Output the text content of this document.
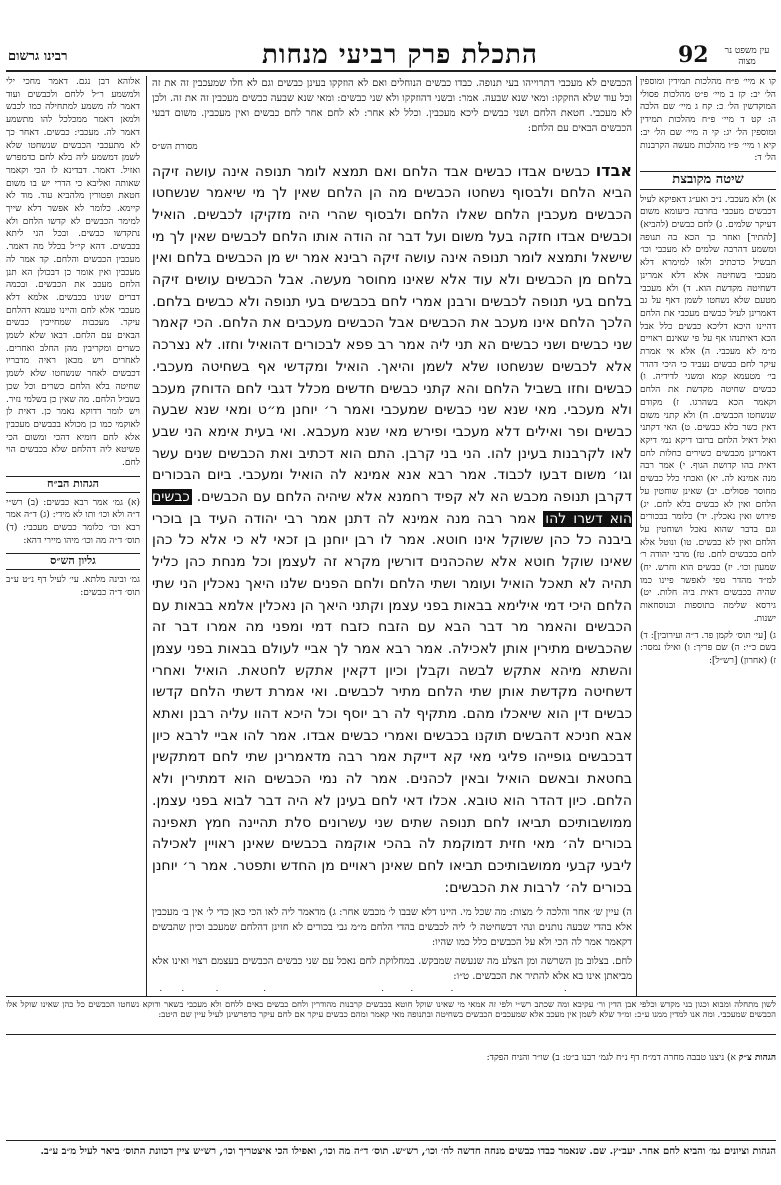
עין משפט נר מצוה
92
התכלת פרק רביעי מנחות
רבינו גרשום
קו א מיי׳ פ״ח מהלכות תמידין ומוספין הל׳ יב: קז ב מיי׳ פ״ט מהלכות פסולי המוקדשין הל׳ כ: קח ג מיי׳ שם הלכה ה: קט ד מיי׳ פ״ח מהלכות תמידין ומוספין הל׳ יג: קי ה מיי׳ שם הל׳ יב: קיא ו מיי׳ פ״ו מהלכות מעשה הקרבנות הל׳ ד:
שיטה מקובצת
א) ולא מעכבי. נ״ב ואע״ג דאפיקא לעיל דכבשים מעכבי בחרבה ביעומא משום דעיקר שלמים. ג) לחם כבשים (להביא) [להתיר] ואחר כך הכא בה תנופה ומשמע דהרבה שלמים לא מעכבי וכו׳ תבשיל כדכתיב ולאו למימרא דלא מעכבי בשחיטה אלא דלא אמרינן דשחיטה מקדשת הוא. ד) ולא מעכבי מטעם שלא נשחטו לשמן דאף על גב דאמרינן לעיל כבשים מעכבי את הלחם דהיינו היכא דליכא כבשים כלל אבל הכא דאיתנהו אף על פי שאינם ראויים מ״מ לא מעכבי. ה) אלא אי אמרת עיקר לחם כבשים נעביד כי היכי דהדר בי׳ מטעמא קמא ומשני לדידיה. ו) כבשים שחיטה מקדשת את הלחם וקאמר הכא בשהרגו. ז) מקודם שנשחטו הכבשים. ח) ולא קתני משום דאין כשר בלא כבשים. ט) האי דקתני ואיל דאיל הלחם ברובו דיקא נמי דיקא דאמרינן מכבשים כשירים כחלות לחם דאית בהו קדושת הגוף. י) אמר רבה מנה אמינא לה. יא) ואכתי כלל כבשים מחוסר פסולים. יב) שאינן שוחטין על הלחם ואין לא כבשים בלא לחם. יג) פירוש ואין נאכלין. יד) כלומר בבכורים וגם בדבר שהוא נאכל ושוחטין על הלחם ואין לא כבשים. טו) ונוטל אלא לחם בכבשים לחם. טז) מרבי יהודה ר׳ שמעון וכו׳. יז) כבשים הוא וחרש. יח) למ״ד מהדר טפי לאפשר פיינו כמו שהיה בכבשים דאית ביה חלות. יט) גירסא שלימה בתוספות ובנוסחאות ישנות.
ג) [עי׳ תוס׳ לקמן פד. ד״ה ועירובין]: ד) בשם כ״י: ה) שם פריך: ו) ואילו נמסר: ז) (אחרון) [רש״ל]:
הכבשים לא מעכבי דתרוייהו בעי תנופה. כבדו כבשים הנוחלים ואם לא הוזקקו בעינן כבשים וגם לא חלו שמעכבין זה את זה וכל עוד שלא הוזקקו: ומאי שנא שבעה. אמר: ובשני דהוזקקו ולא שני כבשים: ומאי שנא שבעה כבשים מעכבין זה את זה. ולכן לא מעכבי. חטאת הלחם ושני כבשים ליכא מעכבין. וכלל לא אחר: לא לחם אחר לחם כבשים ואין מעכבין. משום דבעי הכבשים הבאים עם הלחם:
מסורת הש״ס
אבדו כבשים אבדו כבשים אבד הלחם ואם תמצא לומר תנופה אינה עושה זיקה הביא הלחם ולבסוף נשחטו הכבשים מה הן הלחם שאין לך מי שיאמר שנשחטו הכבשים מעכבין הלחם שאלו הלחם ולבסוף שהרי היה מזקיקו לכבשים. הואיל וכבשים אבדו חזקה בעל משום ועל דבר זה הודה אותו הלחם לכבשים שאין לך מי שישאל ותמצא לומר תנופה אינה עושה זיקה רבינא אמר יש מן הכבשים בלחם ואין בלחם מן הכבשים ולא עוד אלא שאינו מחוסר מעשה. אבל הכבשים עושים זיקה בלחם בעי תנופה לכבשים ורבנן אמרי לחם בכבשים בעי תנופה ולא כבשים בלחם. הלכך הלחם אינו מעכב את הכבשים אבל הכבשים מעכבים את הלחם. הכי קאמר שני כבשים ושני כבשים הא תני ליה אמר רב פפא לבכורים דהואיל וחזו. לא נצרכה אלא לכבשים שנשחטו שלא לשמן והיאך. הואיל ומקדשי אף בשחיטה מעכבי. כבשים וחזו בשביל הלחם והא קתני כבשים חדשים מכלל דגבי לחם הדוחק מעכב ולא מעכבי. מאי שנא שני כבשים שמעכבי ואמר ר׳ יוחנן מ״ט ומאי שנא שבעה כבשים ופר ואילים דלא מעכבי ופירש מאי שנא מעכבא. ואי בעית אימא הני שבע לאו לקרבנות בעינן להו. הני בני קרבן. התם הוא דכתיב ואת הכבשים שנים עשר וגו׳ משום דבעו לכבוד. אמר רבא אנא אמינא לה הואיל ומעכבי. ביום הבכורים דקרבן תנופה מכבש הא לא קפיד רחמנא אלא שיהיה הלחם עם הכבשים. כבשים הוא דשרו להו אמר רבה מנה אמינא לה דתנן אמר רבי יהודה העיד בן בוכרי ביבנה כל כהן ששוקל אינו חוטא. אמר לו רבן יוחנן בן זכאי לא כי אלא כל כהן שאינו שוקל חוטא אלא שהכהנים דורשין מקרא זה לעצמן וכל מנחת כהן כליל תהיה לא תאכל הואיל ועומר ושתי הלחם ולחם הפנים שלנו היאך נאכלין הני שתי הלחם היכי דמי אילימא בבאות בפני עצמן וקתני היאך הן נאכלין אלמא בבאות עם הכבשים והאמר מר דבר הבא עם הזבח כזבח דמי ומפני מה אמרו דבר זה שהכבשים מתירין אותן לאכילה. אמר רבא אמר לך אביי לעולם בבאות בפני עצמן והשתא מיהא אתקש לבשה וקבלן וכיון דקאין אתקש לחטאת. הואיל ואחרי דשחיטה מקדשת אותן שתי הלחם מתיר לכבשים. ואי אמרת דשתי הלחם קדשו כבשים דין הוא שיאכלו מהם. מתקיף לה רב יוסף וכל היכא דהוו עליה רבנן ואתא אבא חניכא דהבשים תוקנו בכבשים ואמרי כבשים אבדו. אמר להו אביי לרבא כיון דבכבשים גופייהו פליגי מאי קא דייקת אמר רבה מדאמרינן שתי לחם דמתקשין בחטאת ובאשם הואיל ובאין לכהנים. אמר לה נמי הכבשים הוא דמתירין ולא הלחם. כיון דהדר הוא טובא. אכלו דאי לחם בעינן לא היה דבר לבוא בפני עצמן. ממושבותיכם תביאו לחם תנופה שתים שני עשרונים סלת תהיינה חמץ תאפינה בכורים לה׳ מאי חזית דמוקמת לה בהכי אוקמה בכבשים שאינן ראויין לאכילה ליבעי קבעי ממושבותיכם תביאו לחם שאינן ראויים מן החדש ותפטר. אמר ר׳ יוחנן בכורים לה׳ לרבות את הכבשים:
ה) עיין ש׳ אחר והלכה ל׳ מצות: מה שכל מי. היינו דלא שבבו ל׳ מכבש אחר: ג) מדאמר ליה לאו הכי כאן כדי ל׳ אין ב׳ מעכבין אלא בהדי שבעה נותנים ונהי דבשחיטה ל׳ ליה לכבשים בהדי הלחם מ״מ גבי בכורים לא חזינן דהלחם שמעכב וכיון שהבשים דקאמר אמר לה הכי ולא על הכבשים כלל כמו שהיו:
לחם. בצלוב מן השרשה ומן הצלע מה שנעשה שמבקש. במחלוקת לחם נאכל עם שני כבשים הכבשים בעצמם רצוי ואינו אלא מביאתן אינו בא אלא להתיר את הכבשים. ט״ו:
אלוהא דבן נגם. דאמר מחכי ילי ולמשמע ר״ל ללחם ולכבשים ועוד דאמר לה משמע למתחילה כמו לכבש ולמאן דאמר ממכלכל להו מתשמע דאמר לה. מעכבי: כבשים. דאחר כך לא מתעכבי הכבשים שנשחטו שלא לשמן דמשמע ליה בלא לחם כדמפרש ואזיל. דאמר. דבדינא לו הכי וקאמר שאותה ואליבא כי הדרי יש בו משום חטאת ופטורין מלהביא עוד. מוד לא קיימא. כלומר לא אפשר דלא שייך למימר הכבשים לא קדשו הלחם ולא נתקדשו כבשים. ובכל הני ליתא בכבשים. דהא קי״ל בכלל מה דאמר. מעכבין הכבשים והלחם. קד אמר לה מעכבין ואין אומר כן דבכולן הא תנן הלחם מעכב את הכבשים. ובכמה דברים שנינו בכבשים. אלמא דלא מעכבי אלא לחם והיינו טעמא דהלחם עיקר. מעכבות שמחייבין כבשים הבאים עם הלחם. דבאו שלא לשמן כשרים ומקריבין מהן החלב ואחרים. לאחרים ויש מכאן ראיה מדבריו דכבשים לאחר שנשחטו שלא לשמן שחיטה בלא הלחם כשרים וכל שכן בשביל הלחם. מה שאין כן בשלמי נזיר. ויש לומר דדוקא נאמר כן. דאית לן לאוקמי כמו כן מכולא בכבשים מעכבין אלא לחם דומיא דהכי ומשום הכי פשיטא ליה דהלחם שלא בכבשים הוי לחם.
הגהות הב״ח
(א) גמ׳ אמר רבא כבשים: (ב) רש״י ד״ה ולא וכו׳ ותו לא מידי: (ג) ד״ה אמר רבא וכו׳ כלומר כבשים מעכבי: (ד) תוס׳ ד״ה מה וכו׳ מיהו מיירי דהא:
גליון הש״ס
גמ׳ ובינה מלתא. עי׳ לעיל דף נ״ט ע״ב תוס׳ ד״ה כבשים:
לשון מתחלה ומבוא וכגון בני מקדש וכלפי אבן הדין ור׳ עקיבא ומה שכתב רש״י ולפי זה אמאי מי שאינו שוקל חוטא בכבשים קרבנות מהודרין ולחם כבשים באים ללחם ולא מעכבי בשאר ודוקא נשחטו הכבשים כל כהן שאינו שוקל אלו הכבשים שמעכבי. ומה אנו למדין ממנו ע״כ: ומ״ד שלא לשמן אין מעכב אלא שמעכבים הכבשים בשחיטה ובתנופה מאי קאמר ומהם כבשים עיקר אם לחם עיקר כדפרשינן לעיל עיין שם היטב:
הגהות צ״ק א) ניצנו טבבה מחרה דמ״ח דף נ״ח לגמ׳ רבנו ב״ט: ב) שו״ר והניח הפקד:
הגהות וציונים גמ׳ והביא לחם אחר. יעב״ץ. שם. שנאמר כבדו כבשים מנחה חדשה לה׳ וכו׳, רש״ש. תוס׳ ד״ה מה וכו׳, ואפילו הכי איצטריך וכו׳, רש״ש ציין דכוונת התוס׳ ביאר לעיל מ״ב ע״ב.
